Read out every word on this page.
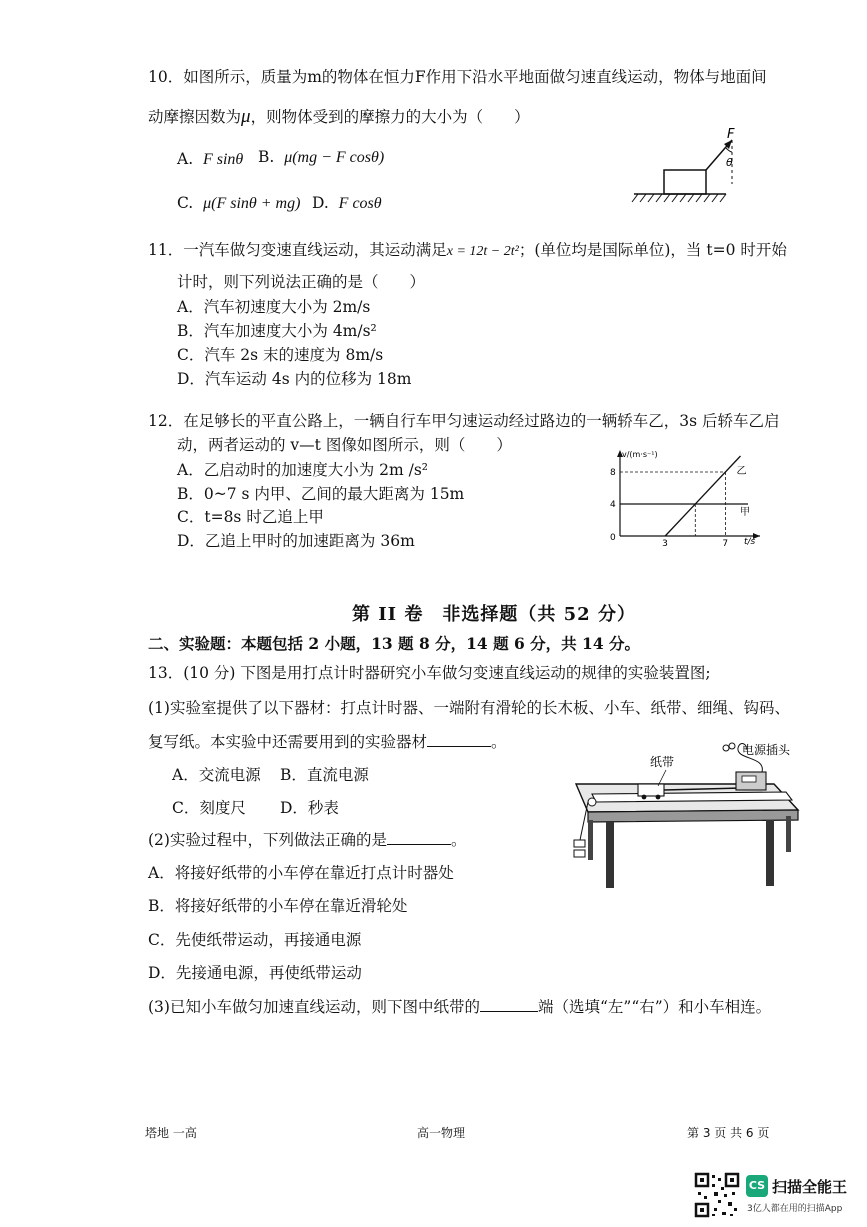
10．如图所示，质量为m的物体在恒力F作用下沿水平地面做匀速直线运动，物体与地面间
动摩擦因数为μ，则物体受到的摩擦力的大小为（　　）
A. F sinθ B. μ(mg − F cosθ)
C. μ(F sinθ + mg) D. F cosθ
F
θ
11．一汽车做匀变速直线运动，其运动满足x = 12t − 2t²；(单位均是国际单位)，当 t=0 时开始
计时，则下列说法正确的是（　　）
A．汽车初速度大小为 2m/s
B．汽车加速度大小为 4m/s²
C．汽车 2s 末的速度为 8m/s
D．汽车运动 4s 内的位移为 18m
12．在足够长的平直公路上，一辆自行车甲匀速运动经过路边的一辆轿车乙，3s 后轿车乙启
动，两者运动的 v—t 图像如图所示，则（　　）
A．乙启动时的加速度大小为 2m /s²
B．0~7 s 内甲、乙间的最大距离为 15m
C．t=8s 时乙追上甲
D．乙追上甲时的加速距离为 36m
v/(m·s⁻¹)
t/s
0
4
8
3	7
甲
乙
第 II 卷　非选择题（共 52 分）
二、实验题：本题包括 2 小题，13 题 8 分，14 题 6 分，共 14 分。
13．(10 分) 下图是用打点计时器研究小车做匀变速直线运动的规律的实验装置图;
(1)实验室提供了以下器材：打点计时器、一端附有滑轮的长木板、小车、纸带、细绳、钩码、
复写纸。本实验中还需要用到的实验器材	。
A．交流电源 B．直流电源
C．刻度尺 D．秒表
(2)实验过程中，下列做法正确的是	。
A．将接好纸带的小车停在靠近打点计时器处
B．将接好纸带的小车停在靠近滑轮处
C．先使纸带运动，再接通电源
D．先接通电源，再使纸带运动
(3)已知小车做匀加速直线运动，则下图中纸带的	端（选填“左”“右”）和小车相连。
纸带
电源插头
塔地 一高	高一物理	第 3 页 共 6 页
CS 扫描全能王
3亿人都在用的扫描App
